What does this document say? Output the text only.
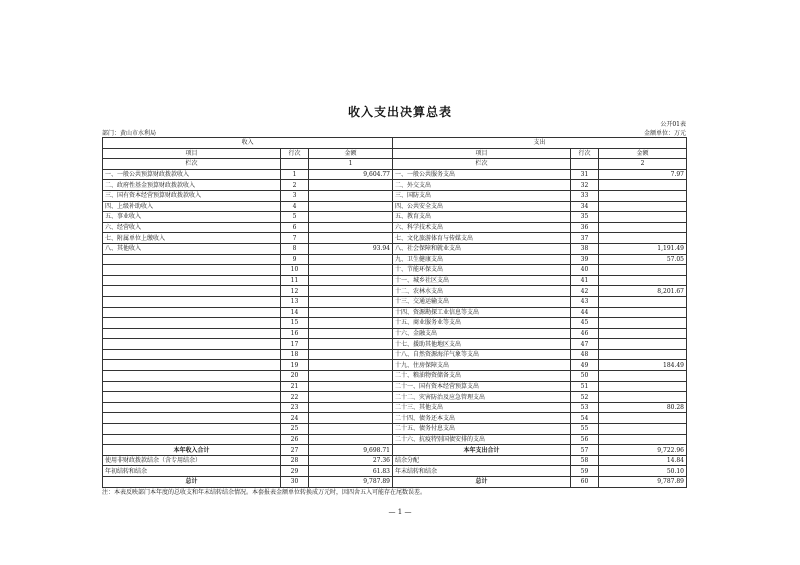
收入支出决算总表
公开01表
部门：黄山市水利局	金额单位：万元
收入			支出		
项目	行次	金额	项目	行次	金额
栏次		1	栏次		2
一、一般公共预算财政拨款收入	1	9,604.77	一、一般公共服务支出	31	7.97
二、政府性基金预算财政拨款收入	2		二、外交支出	32	
三、国有资本经营预算财政拨款收入	3		三、国防支出	33	
四、上级补助收入	4		四、公共安全支出	34	
五、事业收入	5		五、教育支出	35	
六、经营收入	6		六、科学技术支出	36	
七、附属单位上缴收入	7		七、文化旅游体育与传媒支出	37	
八、其他收入	8	93.94	八、社会保障和就业支出	38	1,191.49
	9		九、卫生健康支出	39	57.05
	10		十、节能环保支出	40	
	11		十一、城乡社区支出	41	
	12		十二、农林水支出	42	8,201.67
	13		十三、交通运输支出	43	
	14		十四、资源勘探工业信息等支出	44	
	15		十五、商业服务业等支出	45	
	16		十六、金融支出	46	
	17		十七、援助其他地区支出	47	
	18		十八、自然资源海洋气象等支出	48	
	19		十九、住房保障支出	49	184.49
	20		二十、粮油物资储备支出	50	
	21		二十一、国有资本经营预算支出	51	
	22		二十二、灾害防治及应急管理支出	52	
	23		二十三、其他支出	53	80.28
	24		二十四、债务还本支出	54	
	25		二十五、债务付息支出	55	
	26		二十六、抗疫特别国债安排的支出	56	
本年收入合计	27	9,698.71	本年支出合计	57	9,722.96
使用非财政拨款结余（含专用结余）	28	27.36	结余分配	58	14.84
年初结转和结余	29	61.83	年末结转和结余	59	50.10
总计	30	9,787.89	总计	60	9,787.89
注：本表反映部门本年度的总收支和年末结转结余情况。本套报表金额单位转换成万元时，因四舍五入可能存在尾数误差。
— 1 —
